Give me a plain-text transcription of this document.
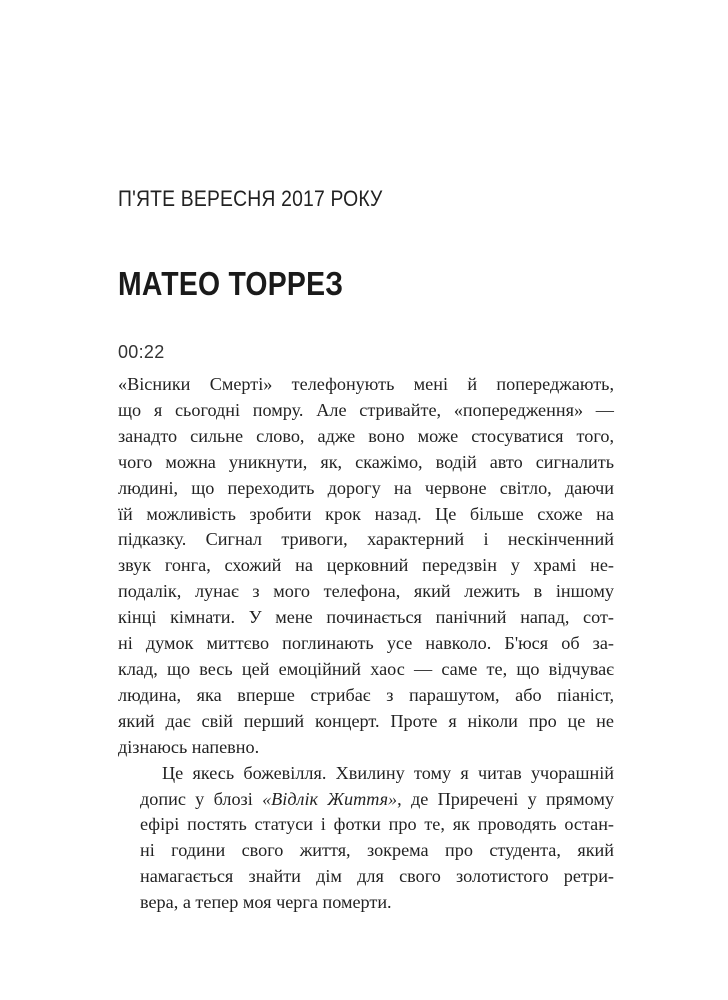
П'ЯТЕ ВЕРЕСНЯ 2017 РОКУ
МАТЕО ТОРРЕЗ
00:22

«Вісники Смерті» телефонують мені й попереджають,
що я сьогодні помру. Але стривайте, «попередження» —
занадто сильне слово, адже воно може стосуватися того,
чого можна уникнути, як, скажімо, водій авто сигналить
людині, що переходить дорогу на червоне світло, даючи
їй можливість зробити крок назад. Це більше схоже на
підказку. Сигнал тривоги, характерний і нескінченний
звук гонга, схожий на церковний передзвін у храмі не-
подалік, лунає з мого телефона, який лежить в іншому
кінці кімнати. У мене починається панічний напад, сот-
ні думок миттєво поглинають усе навколо. Б'юся об за-
клад, що весь цей емоційний хаос — саме те, що відчуває
людина, яка вперше стрибає з парашутом, або піаніст,
який дає свій перший концерт. Проте я ніколи про це не
дізнаюсь напевно.

Це якесь божевілля. Хвилину тому я читав учорашній
допис у блозі «Відлік Життя», де Приречені у прямому
ефірі постять статуси і фотки про те, як проводять остан-
ні години свого життя, зокрема про студента, який
намагається знайти дім для свого золотистого ретри-
вера, а тепер моя черга померти.
